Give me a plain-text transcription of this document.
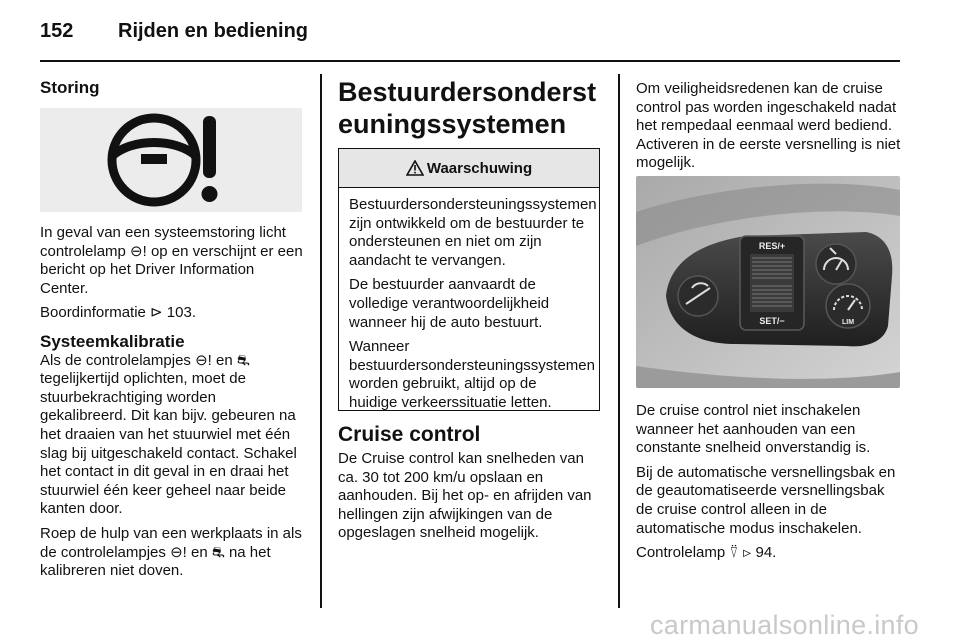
152 Rijden en bediening
Storing

In geval van een systeemstoring licht controlelamp ⊖! op en verschijnt er een bericht op het Driver Information Center.

Boordinformatie ⊳ 103.

Systeemkalibratie

Als de controlelampjes ⊖! en ⛐ tegelijkertijd oplichten, moet de stuurbekrachtiging worden gekalibreerd. Dit kan bijv. gebeuren na het draaien van het stuurwiel met één slag bij uitgeschakeld contact. Schakel het contact in dit geval in en draai het stuurwiel één keer geheel naar beide kanten door.

Roep de hulp van een werkplaats in als de controlelampjes ⊖! en ⛐ na het kalibreren niet doven.

Bestuurdersondersteuningssystemen
Waarschuwing

Bestuurdersondersteuningssystemen zijn ontwikkeld om de bestuurder te ondersteunen en niet om zijn aandacht te vervangen.

De bestuurder aanvaardt de volledige verantwoordelijkheid wanneer hij de auto bestuurt.

Wanneer bestuurdersondersteuningssystemen worden gebruikt, altijd op de huidige verkeerssituatie letten.

Cruise control

De Cruise control kan snelheden van ca. 30 tot 200 km/u opslaan en aanhouden. Bij het op- en afrijden van hellingen zijn afwijkingen van de opgeslagen snelheid mogelijk.

Om veiligheidsredenen kan de cruise control pas worden ingeschakeld nadat het rempedaal eenmaal werd bediend. Activeren in de eerste versnelling is niet mogelijk.

RES/+
SET/−	LIM

De cruise control niet inschakelen wanneer het aanhouden van een constante snelheid onverstandig is.

Bij de automatische versnellingsbak en de geautomatiseerde versnellingsbak de cruise control alleen in de automatische modus inschakelen.

Controlelamp ⍢ ⊳ 94.

carmanualsonline.info
